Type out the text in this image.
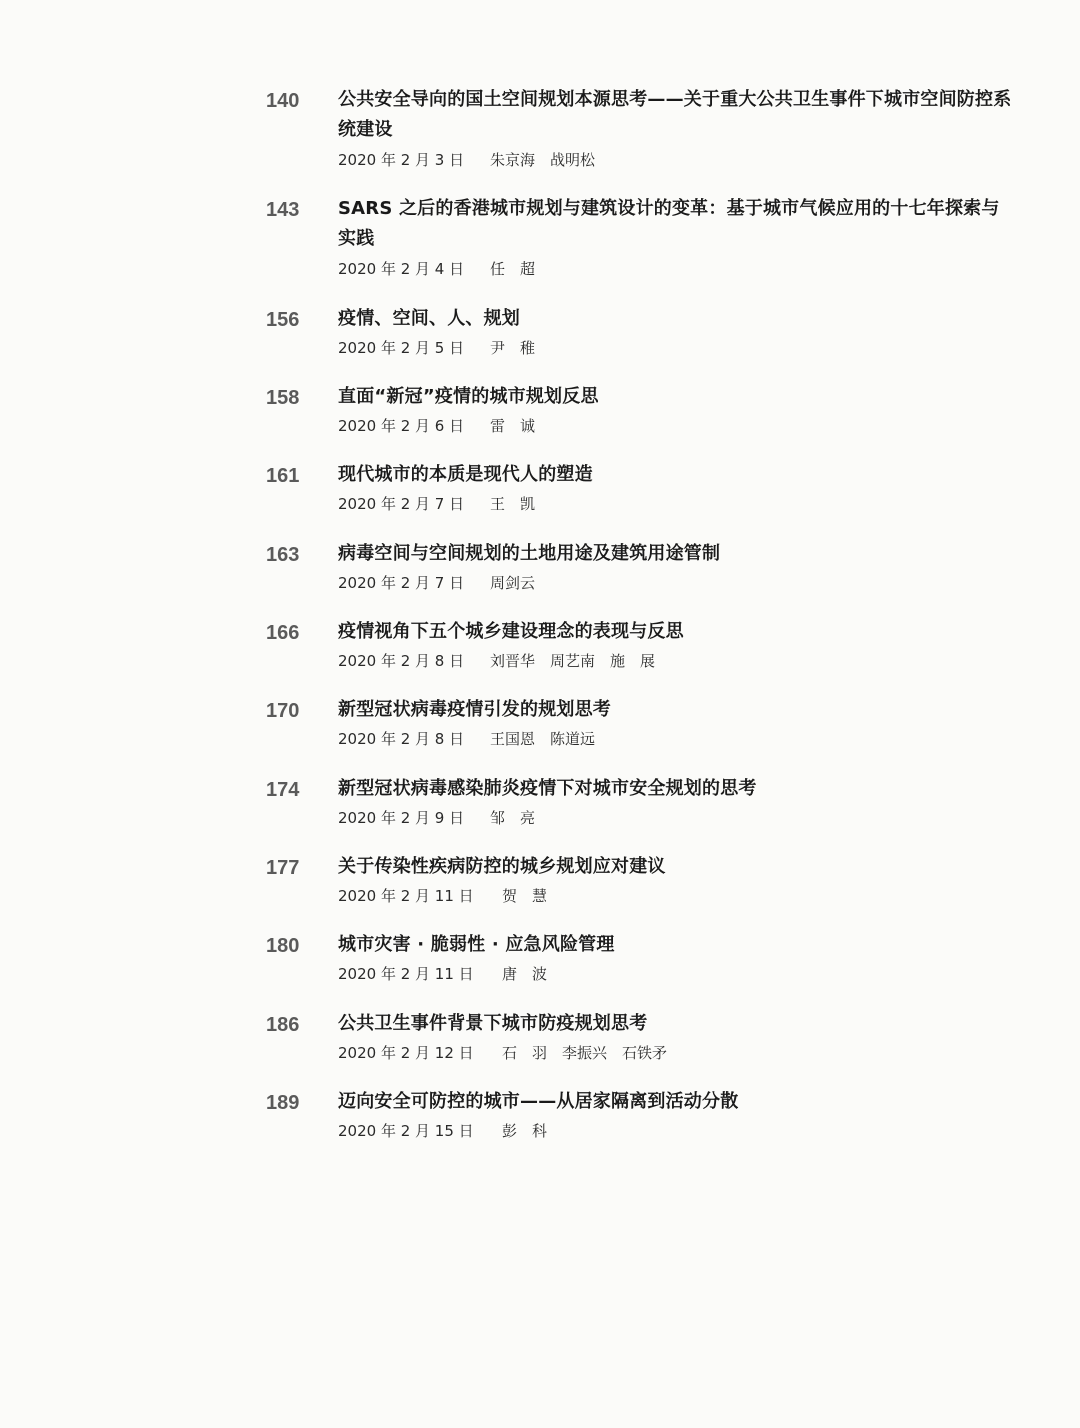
140	公共安全导向的国土空间规划本源思考——关于重大公共卫生事件下城市空间防控系统建设
2020 年 2 月 3 日 朱京海　战明松
143	SARS 之后的香港城市规划与建筑设计的变革：基于城市气候应用的十七年探索与实践
2020 年 2 月 4 日 任　超
156	疫情、空间、人、规划
2020 年 2 月 5 日 尹　稚
158	直面“新冠”疫情的城市规划反思
2020 年 2 月 6 日 雷　诚
161	现代城市的本质是现代人的塑造
2020 年 2 月 7 日 王　凯
163	病毒空间与空间规划的土地用途及建筑用途管制
2020 年 2 月 7 日 周剑云
166	疫情视角下五个城乡建设理念的表现与反思
2020 年 2 月 8 日 刘晋华　周艺南　施　展
170	新型冠状病毒疫情引发的规划思考
2020 年 2 月 8 日 王国恩　陈道远
174	新型冠状病毒感染肺炎疫情下对城市安全规划的思考
2020 年 2 月 9 日 邹　亮
177	关于传染性疾病防控的城乡规划应对建议
2020 年 2 月 11 日 贺　慧
180	城市灾害 · 脆弱性 · 应急风险管理
2020 年 2 月 11 日 唐　波
186	公共卫生事件背景下城市防疫规划思考
2020 年 2 月 12 日 石　羽　李振兴　石铁矛
189	迈向安全可防控的城市——从居家隔离到活动分散
2020 年 2 月 15 日 彭　科
